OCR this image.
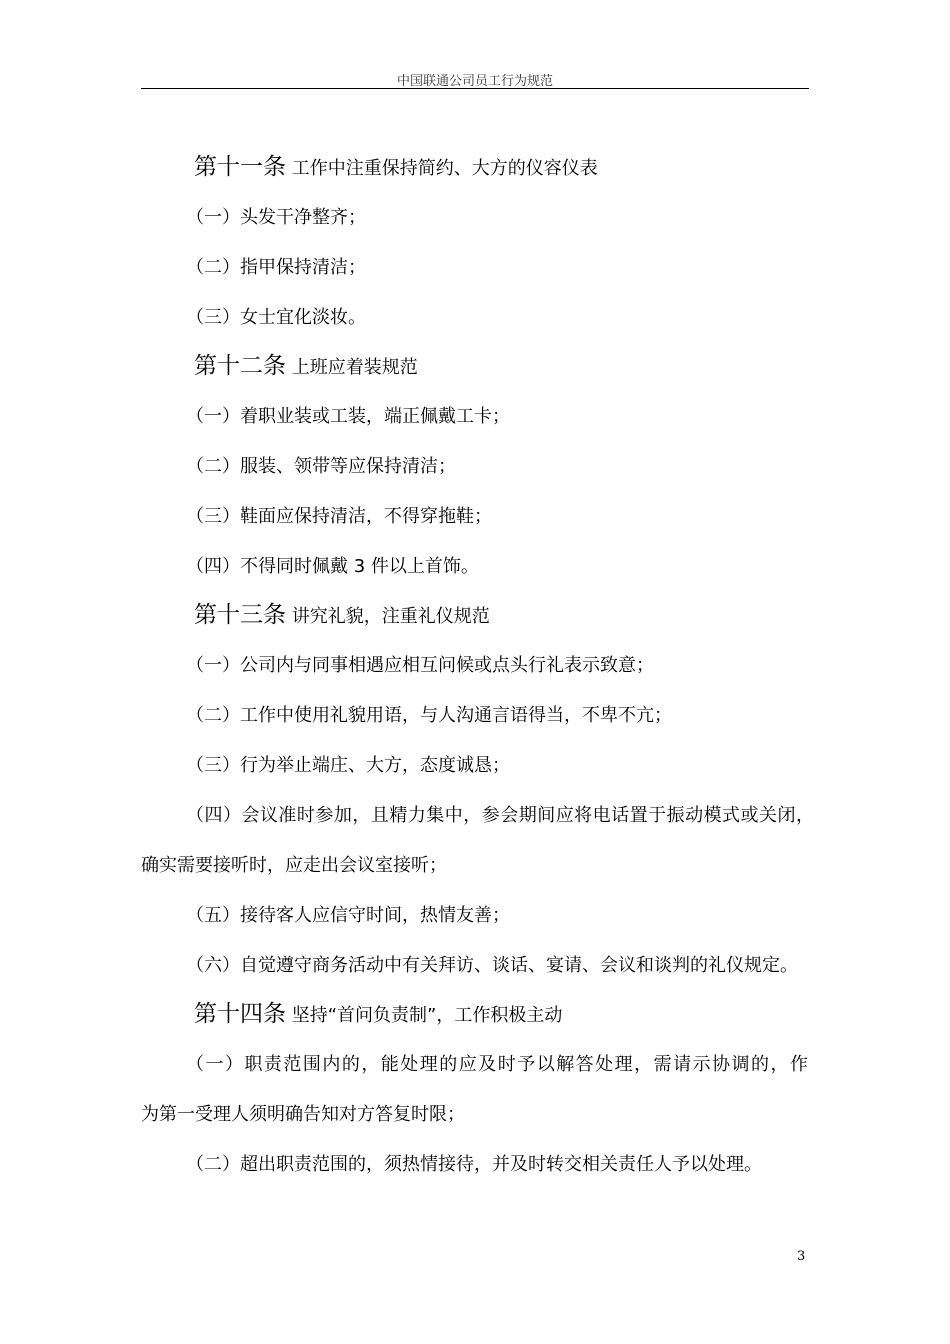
中国联通公司员工行为规范
第十一条 工作中注重保持简约、大方的仪容仪表
（一）头发干净整齐；
（二）指甲保持清洁；
（三）女士宜化淡妆。
第十二条 上班应着装规范
（一）着职业装或工装，端正佩戴工卡；
（二）服装、领带等应保持清洁；
（三）鞋面应保持清洁，不得穿拖鞋；
（四）不得同时佩戴 3 件以上首饰。
第十三条 讲究礼貌，注重礼仪规范
（一）公司内与同事相遇应相互问候或点头行礼表示致意；
（二）工作中使用礼貌用语，与人沟通言语得当，不卑不亢；
（三）行为举止端庄、大方，态度诚恳；
（四）会议准时参加，且精力集中，参会期间应将电话置于振动模式或关闭，
确实需要接听时，应走出会议室接听；
（五）接待客人应信守时间，热情友善；
（六）自觉遵守商务活动中有关拜访、谈话、宴请、会议和谈判的礼仪规定。
第十四条 坚持“首问负责制”，工作积极主动
（一）职责范围内的，能处理的应及时予以解答处理，需请示协调的，作
为第一受理人须明确告知对方答复时限；
（二）超出职责范围的，须热情接待，并及时转交相关责任人予以处理。
3
